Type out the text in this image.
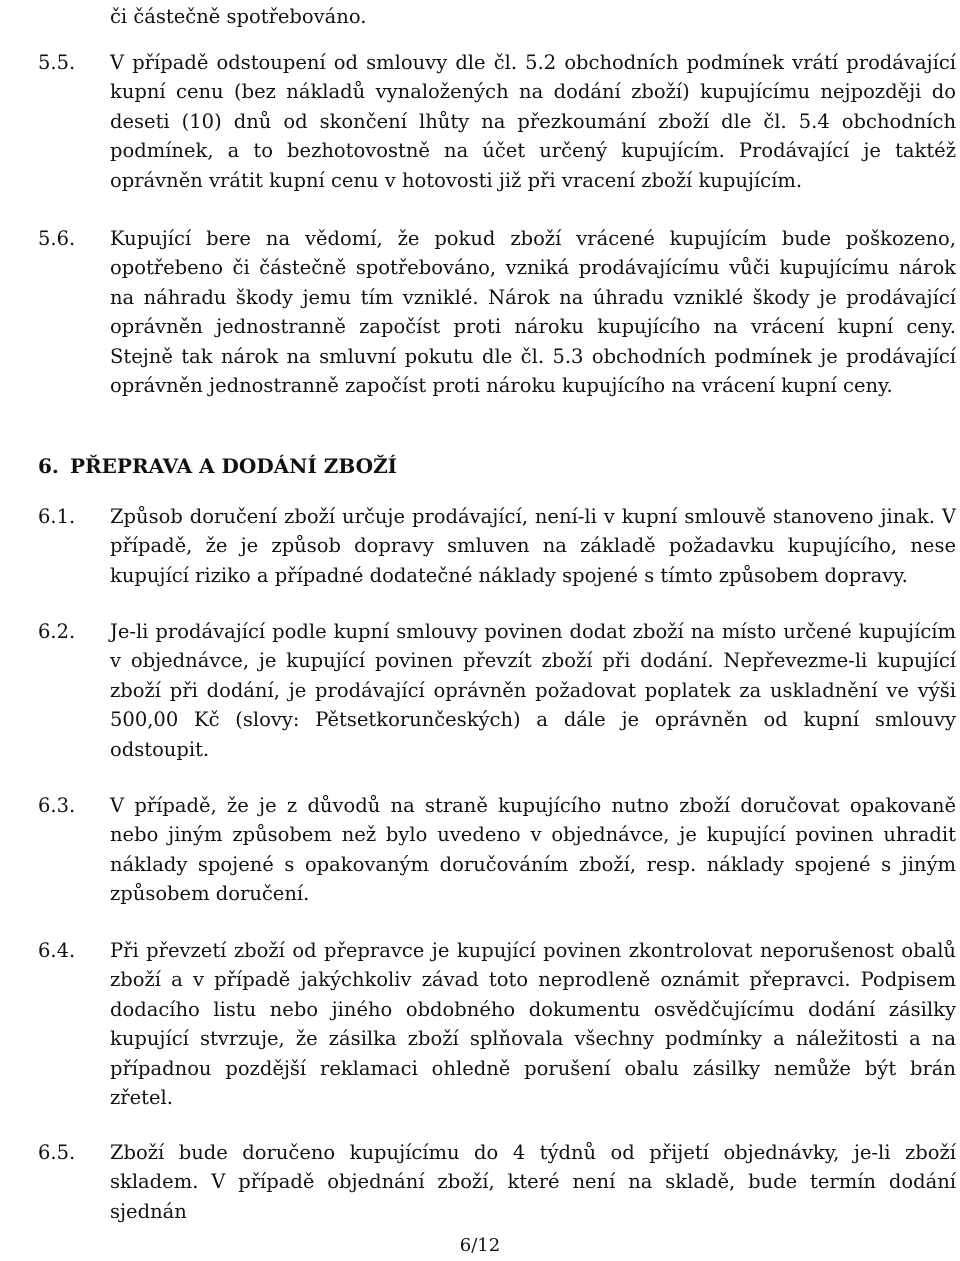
či částečně spotřebováno.

5.5. V případě odstoupení od smlouvy dle čl. 5.2 obchodních podmínek vrátí prodávající kupní cenu (bez nákladů vynaložených na dodání zboží) kupujícímu nejpozději do deseti (10) dnů od skončení lhůty na přezkoumání zboží dle čl. 5.4 obchodních podmínek, a to bezhotovostně na účet určený kupujícím. Prodávající je taktéž oprávněn vrátit kupní cenu v hotovosti již při vracení zboží kupujícím.

5.6. Kupující bere na vědomí, že pokud zboží vrácené kupujícím bude poškozeno, opotřebeno či částečně spotřebováno, vzniká prodávajícímu vůči kupujícímu nárok na náhradu škody jemu tím vzniklé. Nárok na úhradu vzniklé škody je prodávající oprávněn jednostranně započíst proti nároku kupujícího na vrácení kupní ceny. Stejně tak nárok na smluvní pokutu dle čl. 5.3 obchodních podmínek je prodávající oprávněn jednostranně započíst proti nároku kupujícího na vrácení kupní ceny.

6. PŘEPRAVA A DODÁNÍ ZBOŽÍ
6.1. Způsob doručení zboží určuje prodávající, není-li v kupní smlouvě stanoveno jinak. V případě, že je způsob dopravy smluven na základě požadavku kupujícího, nese kupující riziko a případné dodatečné náklady spojené s tímto způsobem dopravy.

6.2. Je-li prodávající podle kupní smlouvy povinen dodat zboží na místo určené kupujícím v objednávce, je kupující povinen převzít zboží při dodání. Nepřevezme-li kupující zboží při dodání, je prodávající oprávněn požadovat poplatek za uskladnění ve výši 500,00 Kč (slovy: Pětsetkorunčeských) a dále je oprávněn od kupní smlouvy odstoupit.

6.3. V případě, že je z důvodů na straně kupujícího nutno zboží doručovat opakovaně nebo jiným způsobem než bylo uvedeno v objednávce, je kupující povinen uhradit náklady spojené s opakovaným doručováním zboží, resp. náklady spojené s jiným způsobem doručení.

6.4. Při převzetí zboží od přepravce je kupující povinen zkontrolovat neporušenost obalů zboží a v případě jakýchkoliv závad toto neprodleně oznámit přepravci. Podpisem dodacího listu nebo jiného obdobného dokumentu osvědčujícímu dodání zásilky kupující stvrzuje, že zásilka zboží splňovala všechny podmínky a náležitosti a na případnou pozdější reklamaci ohledně porušení obalu zásilky nemůže být brán zřetel.

6.5. Zboží bude doručeno kupujícímu do 4 týdnů od přijetí objednávky, je-li zboží skladem. V případě objednání zboží, které není na skladě, bude termín dodání sjednán

6/12
